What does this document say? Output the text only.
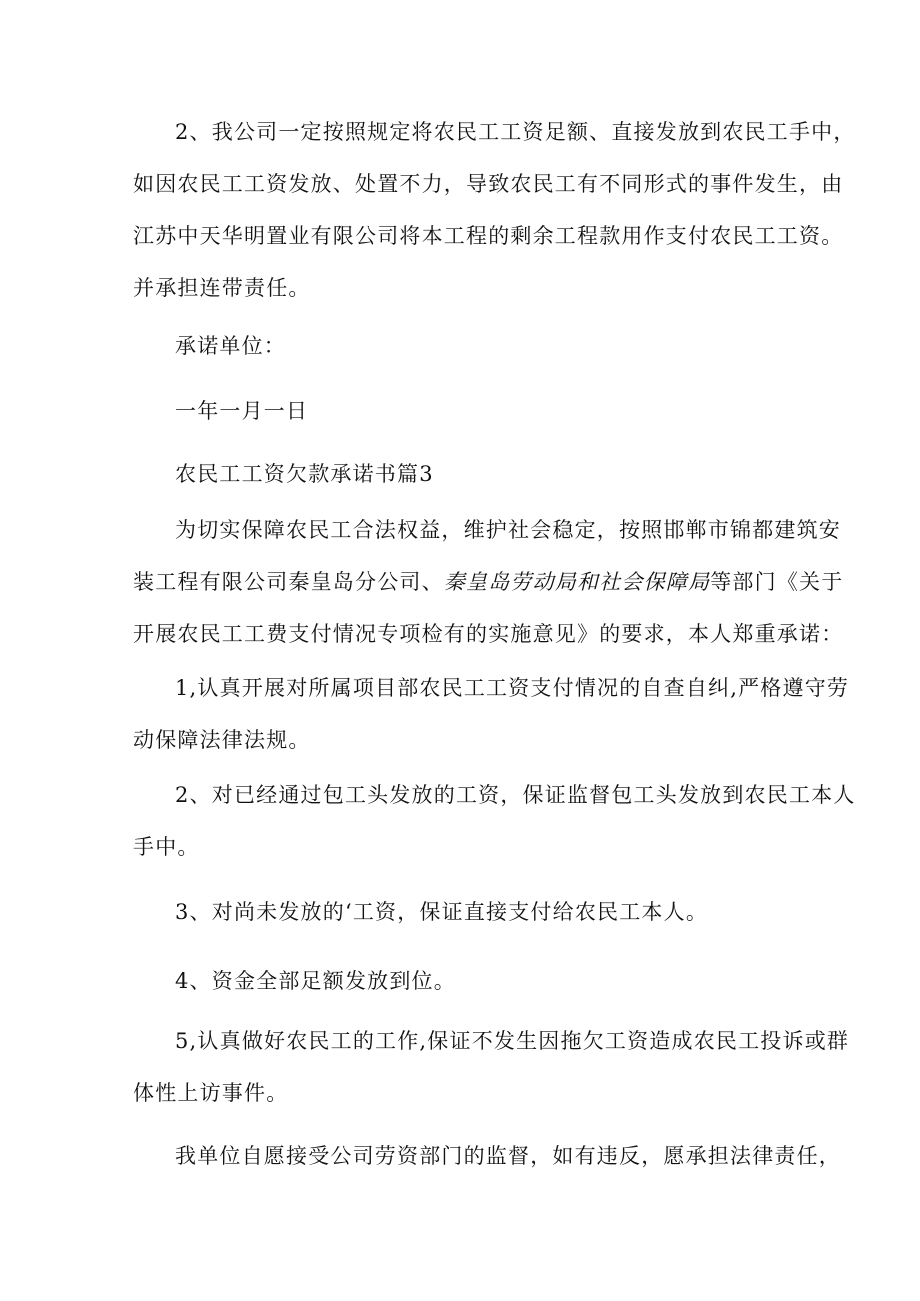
2、我公司一定按照规定将农民工工资足额、直接发放到农民工手中，
如因农民工工资发放、处置不力，导致农民工有不同形式的事件发生，由
江苏中天华明置业有限公司将本工程的剩余工程款用作支付农民工工资。
并承担连带责任。
承诺单位：
一年一月一日
农民工工资欠款承诺书篇3
为切实保障农民工合法权益，维护社会稳定，按照邯郸市锦都建筑安
装工程有限公司秦皇岛分公司、秦皇岛劳动局和社会保障局等部门《关于
开展农民工工费支付情况专项检有的实施意见》的要求，本人郑重承诺：
1,认真开展对所属项目部农民工工资支付情况的自查自纠,严格遵守劳
动保障法律法规。
2、对已经通过包工头发放的工资，保证监督包工头发放到农民工本人
手中。
3、对尚未发放的‘工资，保证直接支付给农民工本人。
4、资金全部足额发放到位。
5,认真做好农民工的工作,保证不发生因拖欠工资造成农民工投诉或群
体性上访事件。
我单位自愿接受公司劳资部门的监督，如有违反，愿承担法律责任，
